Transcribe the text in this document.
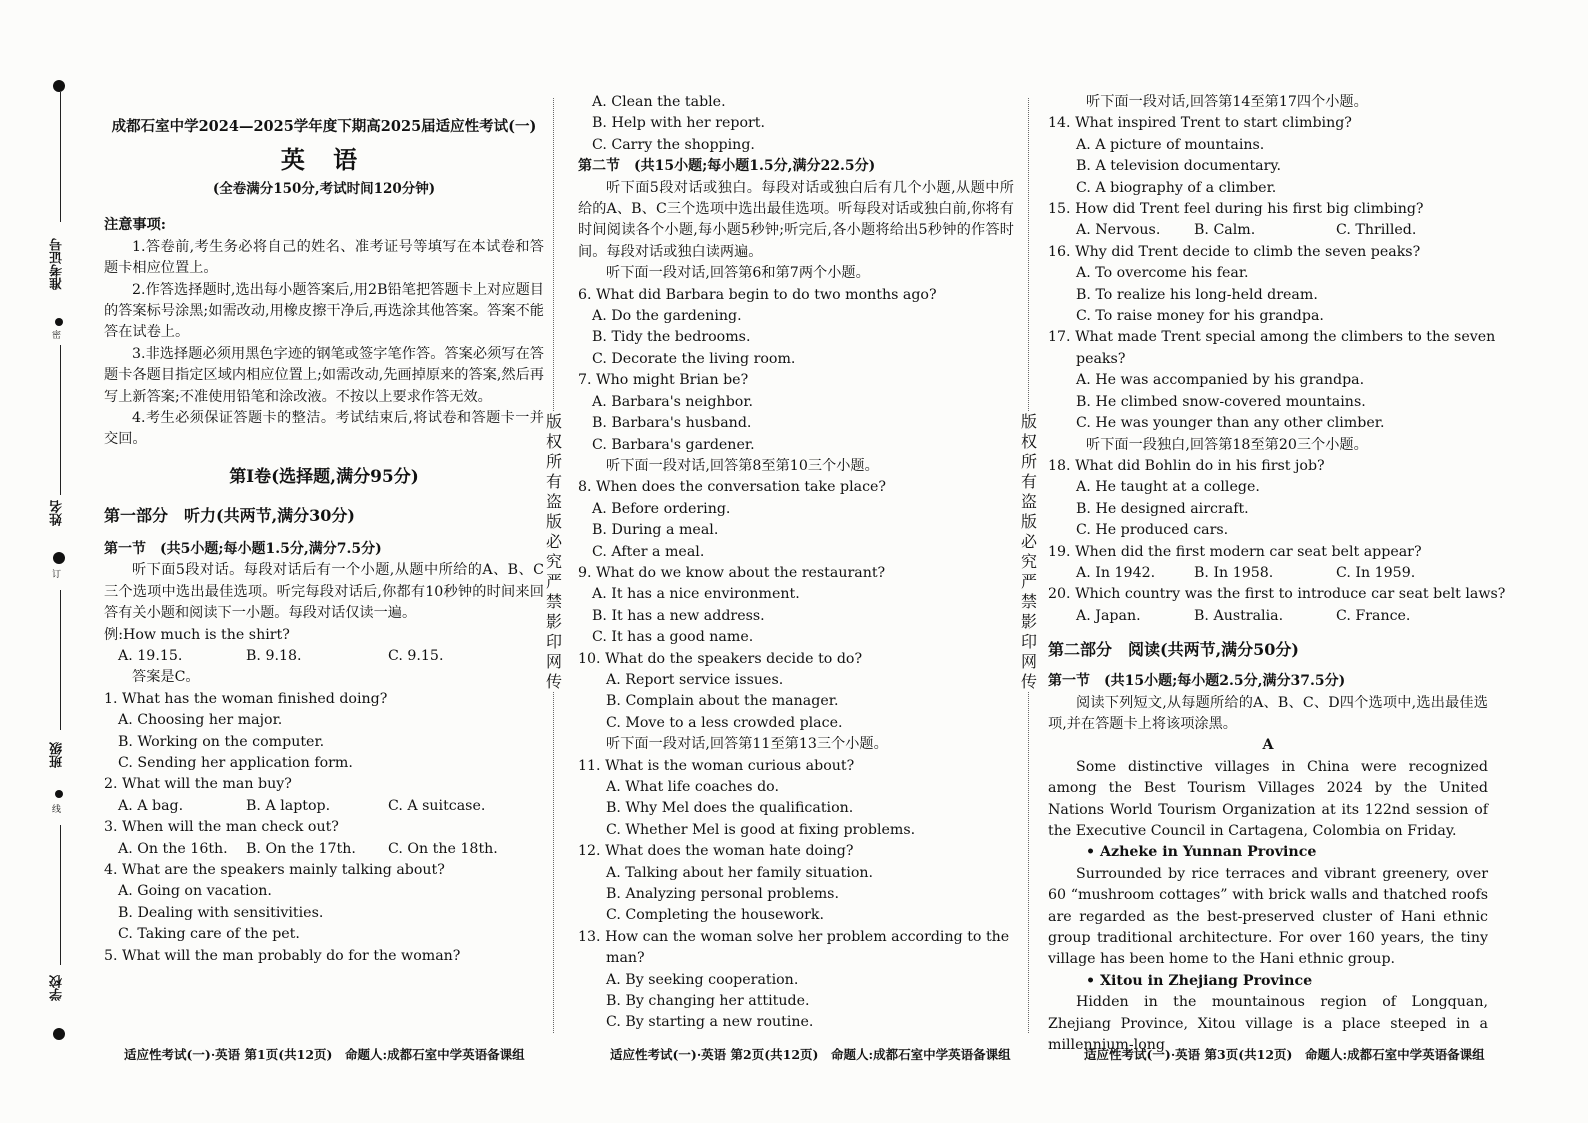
准考证号
密
姓名
订
班级
线
学校
版权所有 盗版必究 严禁影印网传
版权所有 盗版必究 严禁影印网传
成都石室中学2024—2025学年度下期高2025届适应性考试(一)
英 语
(全卷满分150分,考试时间120分钟)
注意事项:
1.答卷前,考生务必将自己的姓名、准考证号等填写在本试卷和答题卡相应位置上。
2.作答选择题时,选出每小题答案后,用2B铅笔把答题卡上对应题目的答案标号涂黑;如需改动,用橡皮擦干净后,再选涂其他答案。答案不能答在试卷上。
3.非选择题必须用黑色字迹的钢笔或签字笔作答。答案必须写在答题卡各题目指定区域内相应位置上;如需改动,先画掉原来的答案,然后再写上新答案;不准使用铅笔和涂改液。不按以上要求作答无效。
4.考生必须保证答题卡的整洁。考试结束后,将试卷和答题卡一并交回。
第Ⅰ卷(选择题,满分95分)
第一部分　听力(共两节,满分30分)
第一节　(共5小题;每小题1.5分,满分7.5分)
听下面5段对话。每段对话后有一个小题,从题中所给的A、B、C三个选项中选出最佳选项。听完每段对话后,你都有10秒钟的时间来回答有关小题和阅读下一小题。每段对话仅读一遍。
例:How much is the shirt?
A. 19.15.	B. 9.18.	C. 9.15.
答案是C。
1. What has the woman finished doing?
A. Choosing her major.
B. Working on the computer.
C. Sending her application form.
2. What will the man buy?
A. A bag.	B. A laptop.	C. A suitcase.
3. When will the man check out?
A. On the 16th.	B. On the 17th.	C. On the 18th.
4. What are the speakers mainly talking about?
A. Going on vacation.
B. Dealing with sensitivities.
C. Taking care of the pet.
5. What will the man probably do for the woman?
适应性考试(一)·英语 第1页(共12页)　命题人:成都石室中学英语备课组
A. Clean the table.
B. Help with her report.
C. Carry the shopping.
第二节　(共15小题;每小题1.5分,满分22.5分)
听下面5段对话或独白。每段对话或独白后有几个小题,从题中所给的A、B、C三个选项中选出最佳选项。听每段对话或独白前,你将有时间阅读各个小题,每小题5秒钟;听完后,各小题将给出5秒钟的作答时间。每段对话或独白读两遍。
听下面一段对话,回答第6和第7两个小题。
6. What did Barbara begin to do two months ago?
A. Do the gardening.
B. Tidy the bedrooms.
C. Decorate the living room.
7. Who might Brian be?
A. Barbara's neighbor.
B. Barbara's husband.
C. Barbara's gardener.
听下面一段对话,回答第8至第10三个小题。
8. When does the conversation take place?
A. Before ordering.
B. During a meal.
C. After a meal.
9. What do we know about the restaurant?
A. It has a nice environment.
B. It has a new address.
C. It has a good name.
10. What do the speakers decide to do?
A. Report service issues.
B. Complain about the manager.
C. Move to a less crowded place.
听下面一段对话,回答第11至第13三个小题。
11. What is the woman curious about?
A. What life coaches do.
B. Why Mel does the qualification.
C. Whether Mel is good at fixing problems.
12. What does the woman hate doing?
A. Talking about her family situation.
B. Analyzing personal problems.
C. Completing the housework.
13. How can the woman solve her problem according to the
man?
A. By seeking cooperation.
B. By changing her attitude.
C. By starting a new routine.
适应性考试(一)·英语 第2页(共12页)　命题人:成都石室中学英语备课组
听下面一段对话,回答第14至第17四个小题。
14. What inspired Trent to start climbing?
A. A picture of mountains.
B. A television documentary.
C. A biography of a climber.
15. How did Trent feel during his first big climbing?
A. Nervous.	B. Calm.	C. Thrilled.
16. Why did Trent decide to climb the seven peaks?
A. To overcome his fear.
B. To realize his long-held dream.
C. To raise money for his grandpa.
17. What made Trent special among the climbers to the seven
peaks?
A. He was accompanied by his grandpa.
B. He climbed snow-covered mountains.
C. He was younger than any other climber.
听下面一段独白,回答第18至第20三个小题。
18. What did Bohlin do in his first job?
A. He taught at a college.
B. He designed aircraft.
C. He produced cars.
19. When did the first modern car seat belt appear?
A. In 1942.	B. In 1958.	C. In 1959.
20. Which country was the first to introduce car seat belt laws?
A. Japan.	B. Australia.	C. France.
第二部分　阅读(共两节,满分50分)
第一节　(共15小题;每小题2.5分,满分37.5分)
阅读下列短文,从每题所给的A、B、C、D四个选项中,选出最佳选项,并在答题卡上将该项涂黑。
A
Some distinctive villages in China were recognized among the Best Tourism Villages 2024 by the United Nations World Tourism Organization at its 122nd session of the Executive Council in Cartagena, Colombia on Friday.
• Azheke in Yunnan Province
Surrounded by rice terraces and vibrant greenery, over 60 “mushroom cottages” with brick walls and thatched roofs are regarded as the best-preserved cluster of Hani ethnic group traditional architecture. For over 160 years, the tiny village has been home to the Hani ethnic group.
• Xitou in Zhejiang Province
Hidden in the mountainous region of Longquan, Zhejiang Province, Xitou village is a place steeped in a millennium-long
适应性考试(一)·英语 第3页(共12页)　命题人:成都石室中学英语备课组
